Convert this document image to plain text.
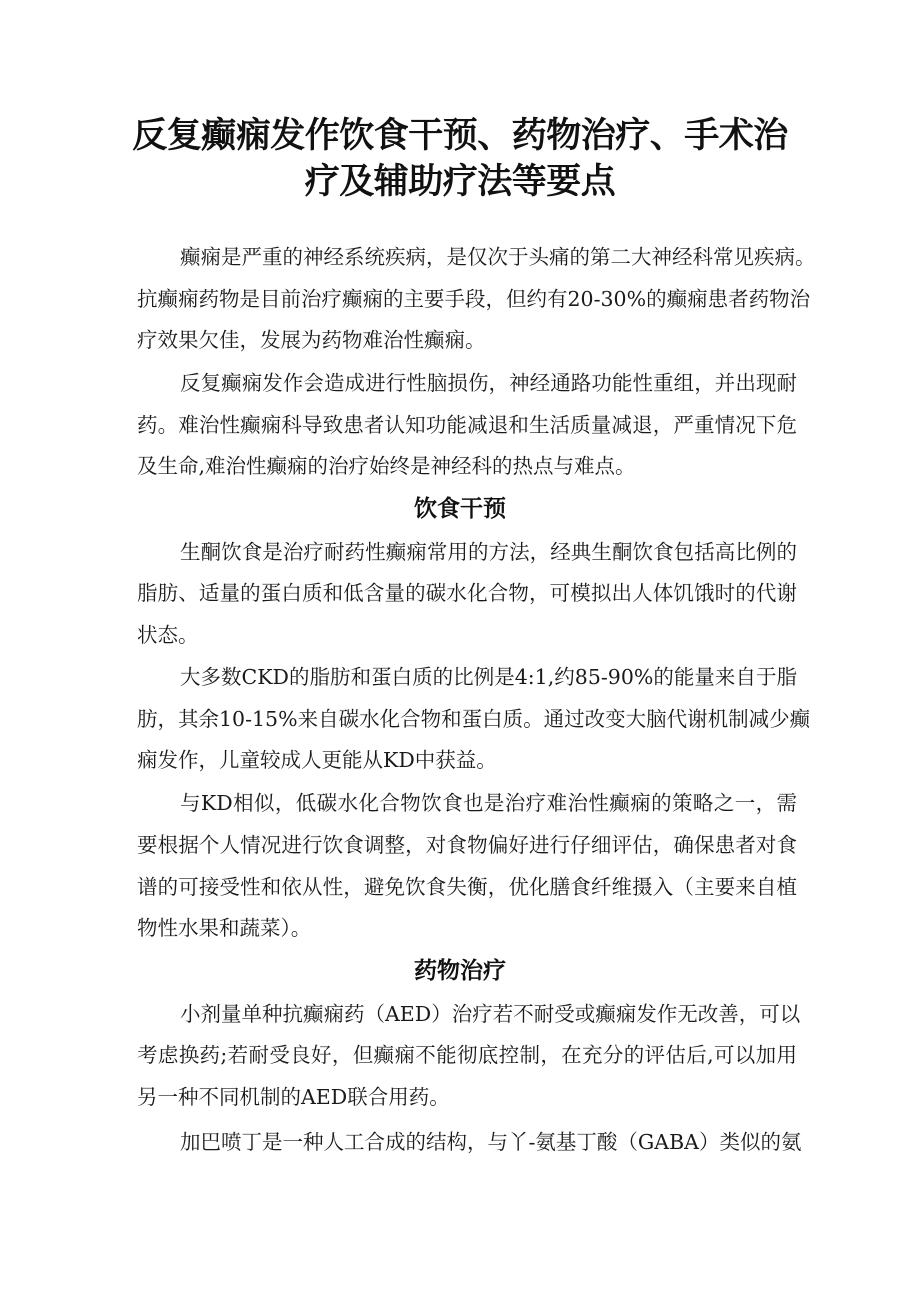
反复癫痫发作饮食干预、药物治疗、手术治
疗及辅助疗法等要点

癫痫是严重的神经系统疾病，是仅次于头痛的第二大神经科常见疾病。

抗癫痫药物是目前治疗癫痫的主要手段，但约有20-30%的癫痫患者药物治

疗效果欠佳，发展为药物难治性癫痫。

反复癫痫发作会造成进行性脑损伤，神经通路功能性重组，并出现耐

药。难治性癫痫科导致患者认知功能减退和生活质量减退，严重情况下危

及生命,难治性癫痫的治疗始终是神经科的热点与难点。

饮食干预

生酮饮食是治疗耐药性癫痫常用的方法，经典生酮饮食包括高比例的

脂肪、适量的蛋白质和低含量的碳水化合物，可模拟出人体饥饿时的代谢

状态。

大多数CKD的脂肪和蛋白质的比例是4:1,约85-90%的能量来自于脂

肪，其余10-15%来自碳水化合物和蛋白质。通过改变大脑代谢机制减少癫

痫发作，儿童较成人更能从KD中获益。

与KD相似，低碳水化合物饮食也是治疗难治性癫痫的策略之一，需

要根据个人情况进行饮食调整，对食物偏好进行仔细评估，确保患者对食

谱的可接受性和依从性，避免饮食失衡，优化膳食纤维摄入（主要来自植

物性水果和蔬菜）。

药物治疗

小剂量单种抗癫痫药（AED）治疗若不耐受或癫痫发作无改善，可以

考虑换药;若耐受良好，但癫痫不能彻底控制，在充分的评估后,可以加用

另一种不同机制的AED联合用药。

加巴喷丁是一种人工合成的结构，与丫-氨基丁酸（GABA）类似的氨
